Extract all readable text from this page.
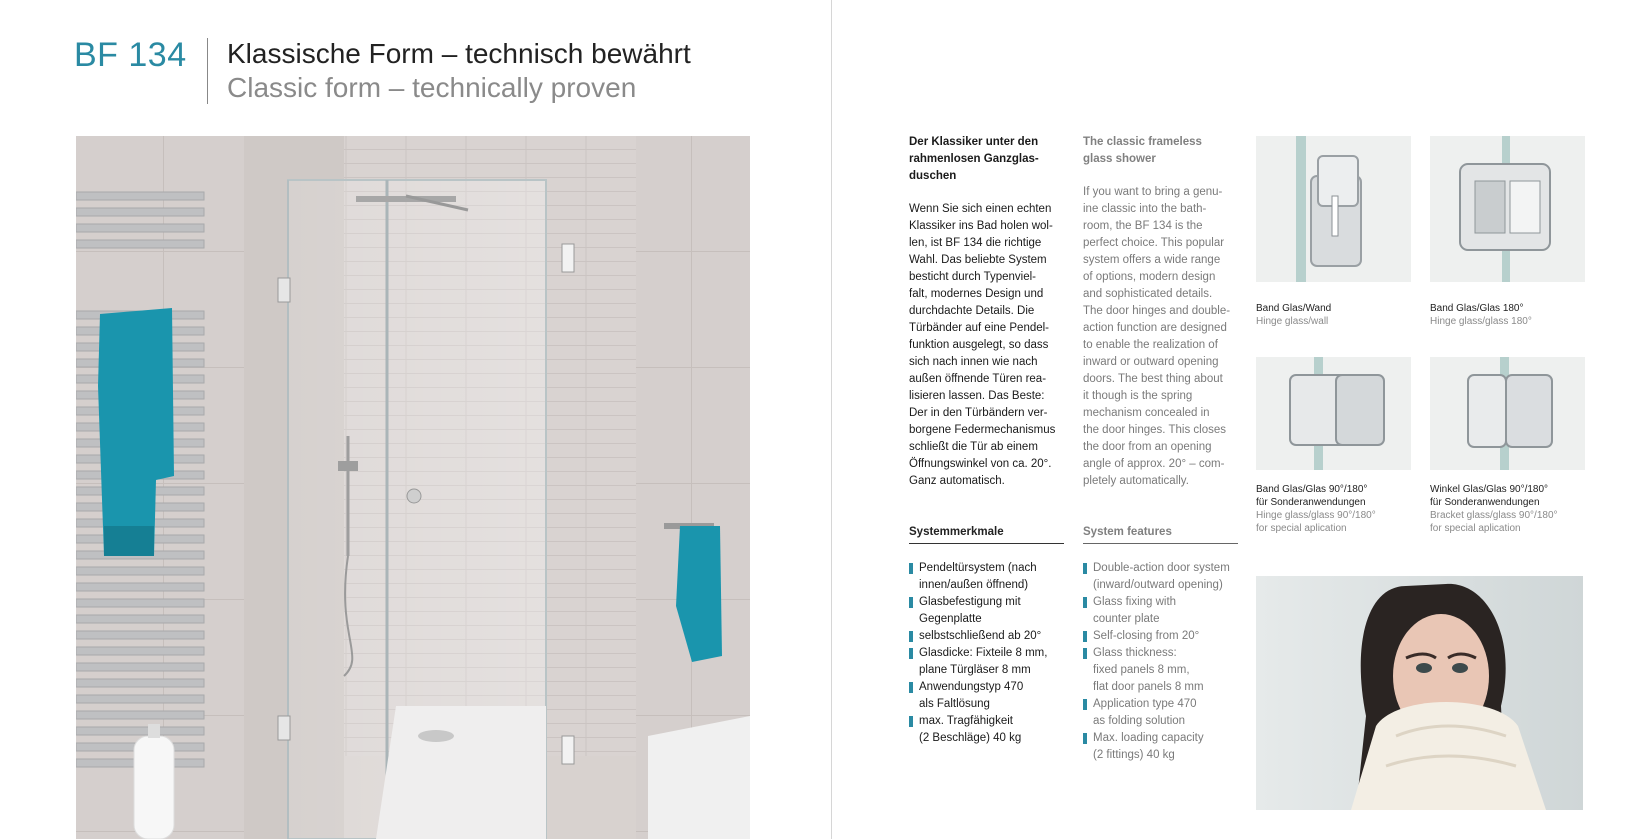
BF 134 Klassische Form – technisch bewährt
Classic form – technically proven
Der Klassiker unter den
rahmenlosen Ganzglas-
duschen
Wenn Sie sich einen echten
Klassiker ins Bad holen wol-
len, ist BF 134 die richtige
Wahl. Das beliebte System
besticht durch Typenviel-
falt, modernes Design und
durchdachte Details. Die
Türbänder auf eine Pendel-
funktion ausgelegt, so dass
sich nach innen wie nach
außen öffnende Türen rea-
lisieren lassen. Das Beste:
Der in den Türbändern ver-
borgene Federmechanismus
schließt die Tür ab einem
Öffnungswinkel von ca. 20°.
Ganz automatisch.
Systemmerkmale
Pendeltürsystem (nach
innen/außen öffnend)
Glasbefestigung mit
Gegenplatte
selbstschließend ab 20°
Glasdicke: Fixteile 8 mm,
plane Türgläser 8 mm
Anwendungstyp 470
als Faltlösung
max. Tragfähigkeit
(2 Beschläge) 40 kg
The classic frameless
glass shower
If you want to bring a genu-
ine classic into the bath-
room, the BF 134 is the
perfect choice. This popular
system offers a wide range
of options, modern design
and sophisticated details.
The door hinges and double-
action function are designed
to enable the realization of
inward or outward opening
doors. The best thing about
it though is the spring
mechanism concealed in
the door hinges. This closes
the door from an opening
angle of approx. 20° – com-
pletely automatically.
System features
Double-action door system
(inward/outward opening)
Glass fixing with
counter plate
Self-closing from 20°
Glass thickness:
fixed panels 8 mm,
flat door panels 8 mm
Application type 470
as folding solution
Max. loading capacity
(2 fittings) 40 kg
Band Glas/Wand
Hinge glass/wall
Band Glas/Glas 180°
Hinge glass/glass 180°
Band Glas/Glas 90°/180°
für Sonderanwendungen
Hinge glass/glass 90°/180°
for special aplication
Winkel Glas/Glas 90°/180°
für Sonderanwendungen
Bracket glass/glass 90°/180°
for special aplication
